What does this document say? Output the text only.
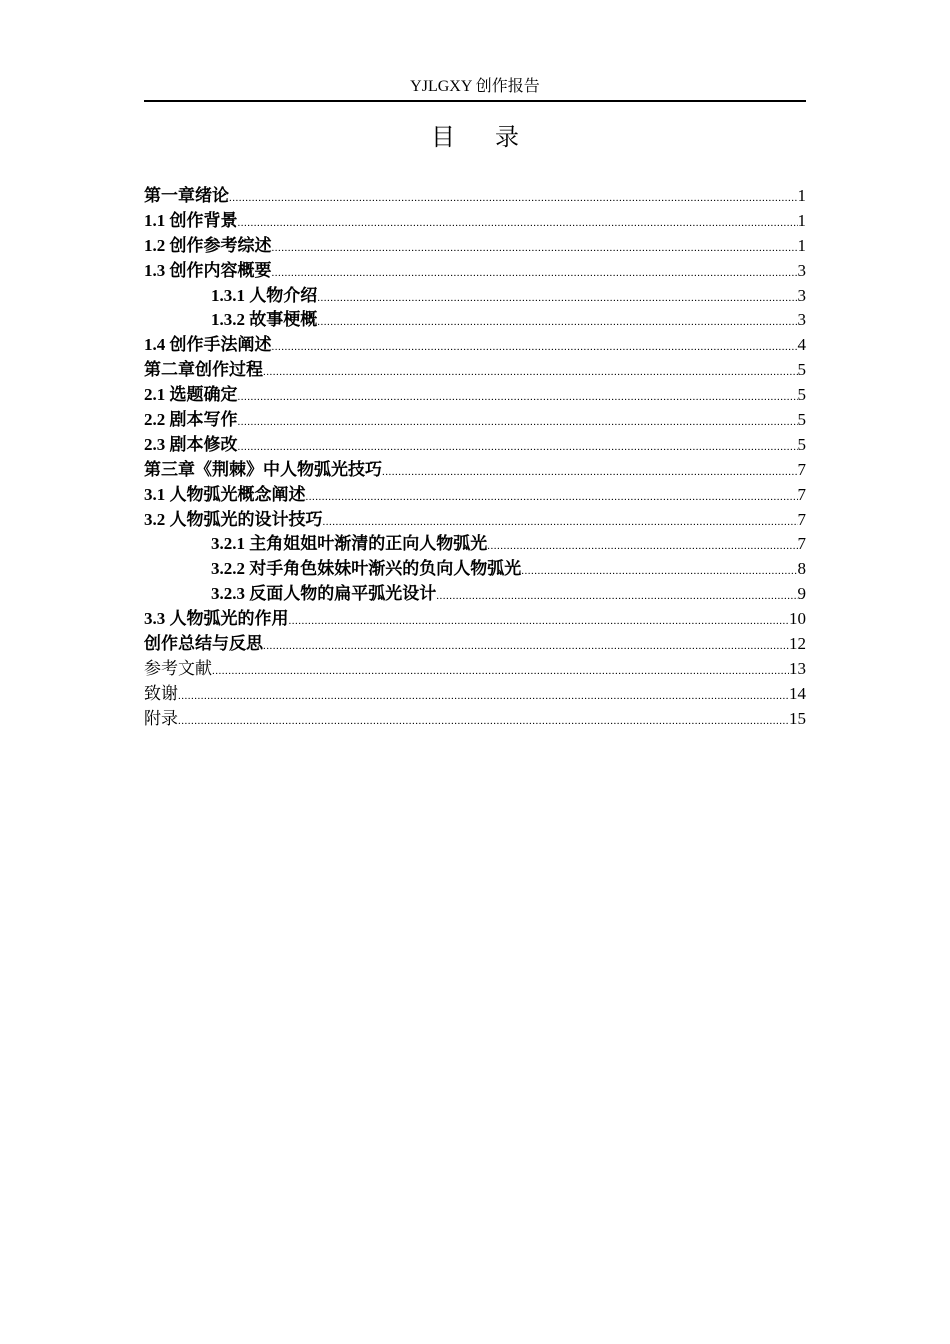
YJLGXY 创作报告
目录
第一章绪论 .....	1
1.1 创作背景 .....	1
1.2 创作参考综述 .....	1
1.3 创作内容概要 .....	3
1.3.1 人物介绍 .....	3
1.3.2 故事梗概 .....	3
1.4 创作手法阐述 .....	4
第二章创作过程 .....	5
2.1 选题确定 .....	5
2.2 剧本写作 .....	5
2.3 剧本修改 .....	5
第三章《荆棘》中人物弧光技巧 .....	7
3.1 人物弧光概念阐述 .....	7
3.2 人物弧光的设计技巧 .....	7
3.2.1 主角姐姐叶渐清的正向人物弧光 .....	7
3.2.2 对手角色妹妹叶渐兴的负向人物弧光 .....	8
3.2.3 反面人物的扁平弧光设计 .....	9
3.3 人物弧光的作用 .....	10
创作总结与反思 .....	12
参考文献 .....	13
致谢 .....	14
附录 .....	15
